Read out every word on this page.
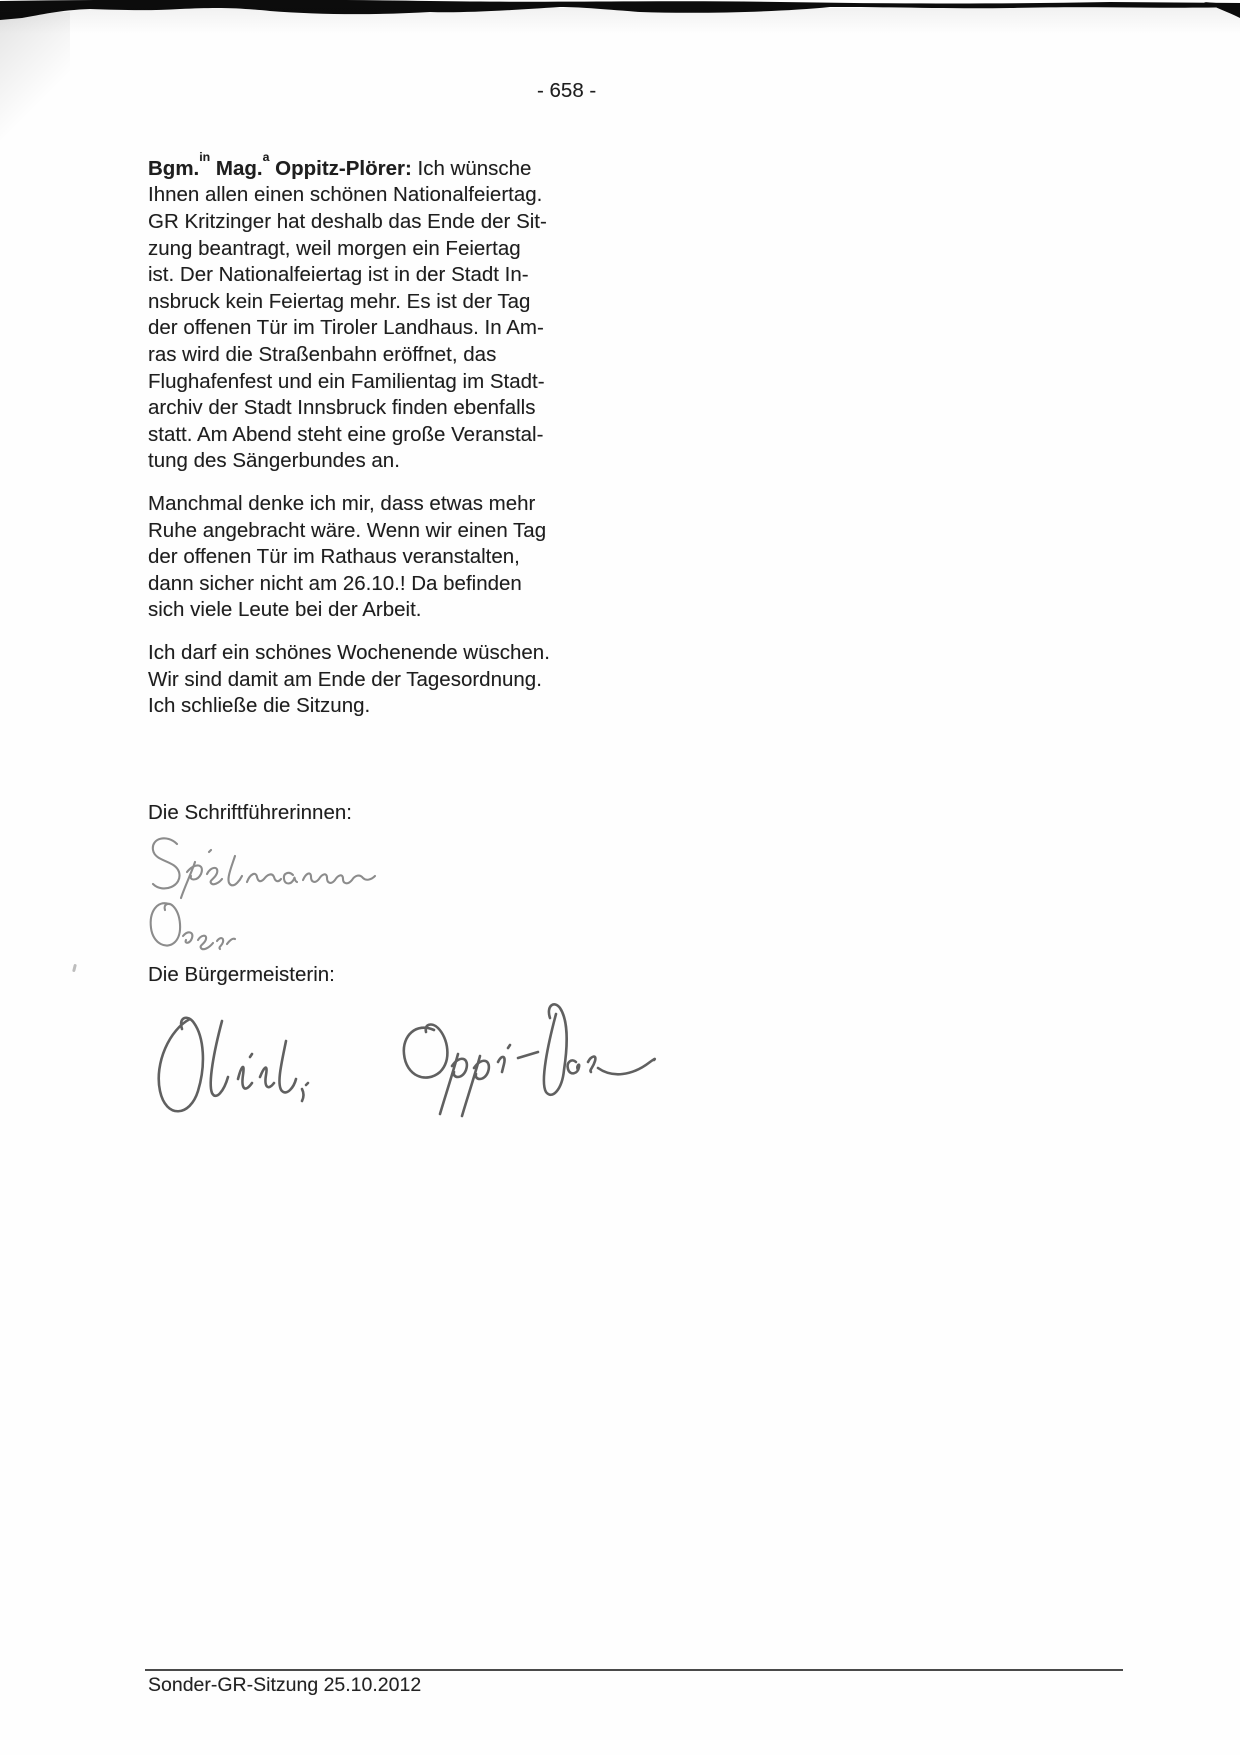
- 658 -
Bgm.$^{in}$ Mag.$^a$ Oppitz-Plörer: Ich wünsche
Ihnen allen einen schönen Nationalfeiertag.
GR Kritzinger hat deshalb das Ende der Sit-
zung beantragt, weil morgen ein Feiertag
ist. Der Nationalfeiertag ist in der Stadt In-
nsbruck kein Feiertag mehr. Es ist der Tag
der offenen Tür im Tiroler Landhaus. In Am-
ras wird die Straßenbahn eröffnet, das
Flughafenfest und ein Familientag im Stadt-
archiv der Stadt Innsbruck finden ebenfalls
statt. Am Abend steht eine große Veranstal-
tung des Sängerbundes an.
Manchmal denke ich mir, dass etwas mehr
Ruhe angebracht wäre. Wenn wir einen Tag
der offenen Tür im Rathaus veranstalten,
dann sicher nicht am 26.10.! Da befinden
sich viele Leute bei der Arbeit.
Ich darf ein schönes Wochenende wüschen.
Wir sind damit am Ende der Tagesordnung.
Ich schließe die Sitzung.
Die Schriftführerinnen:
Die Bürgermeisterin:
Sonder-GR-Sitzung 25.10.2012
